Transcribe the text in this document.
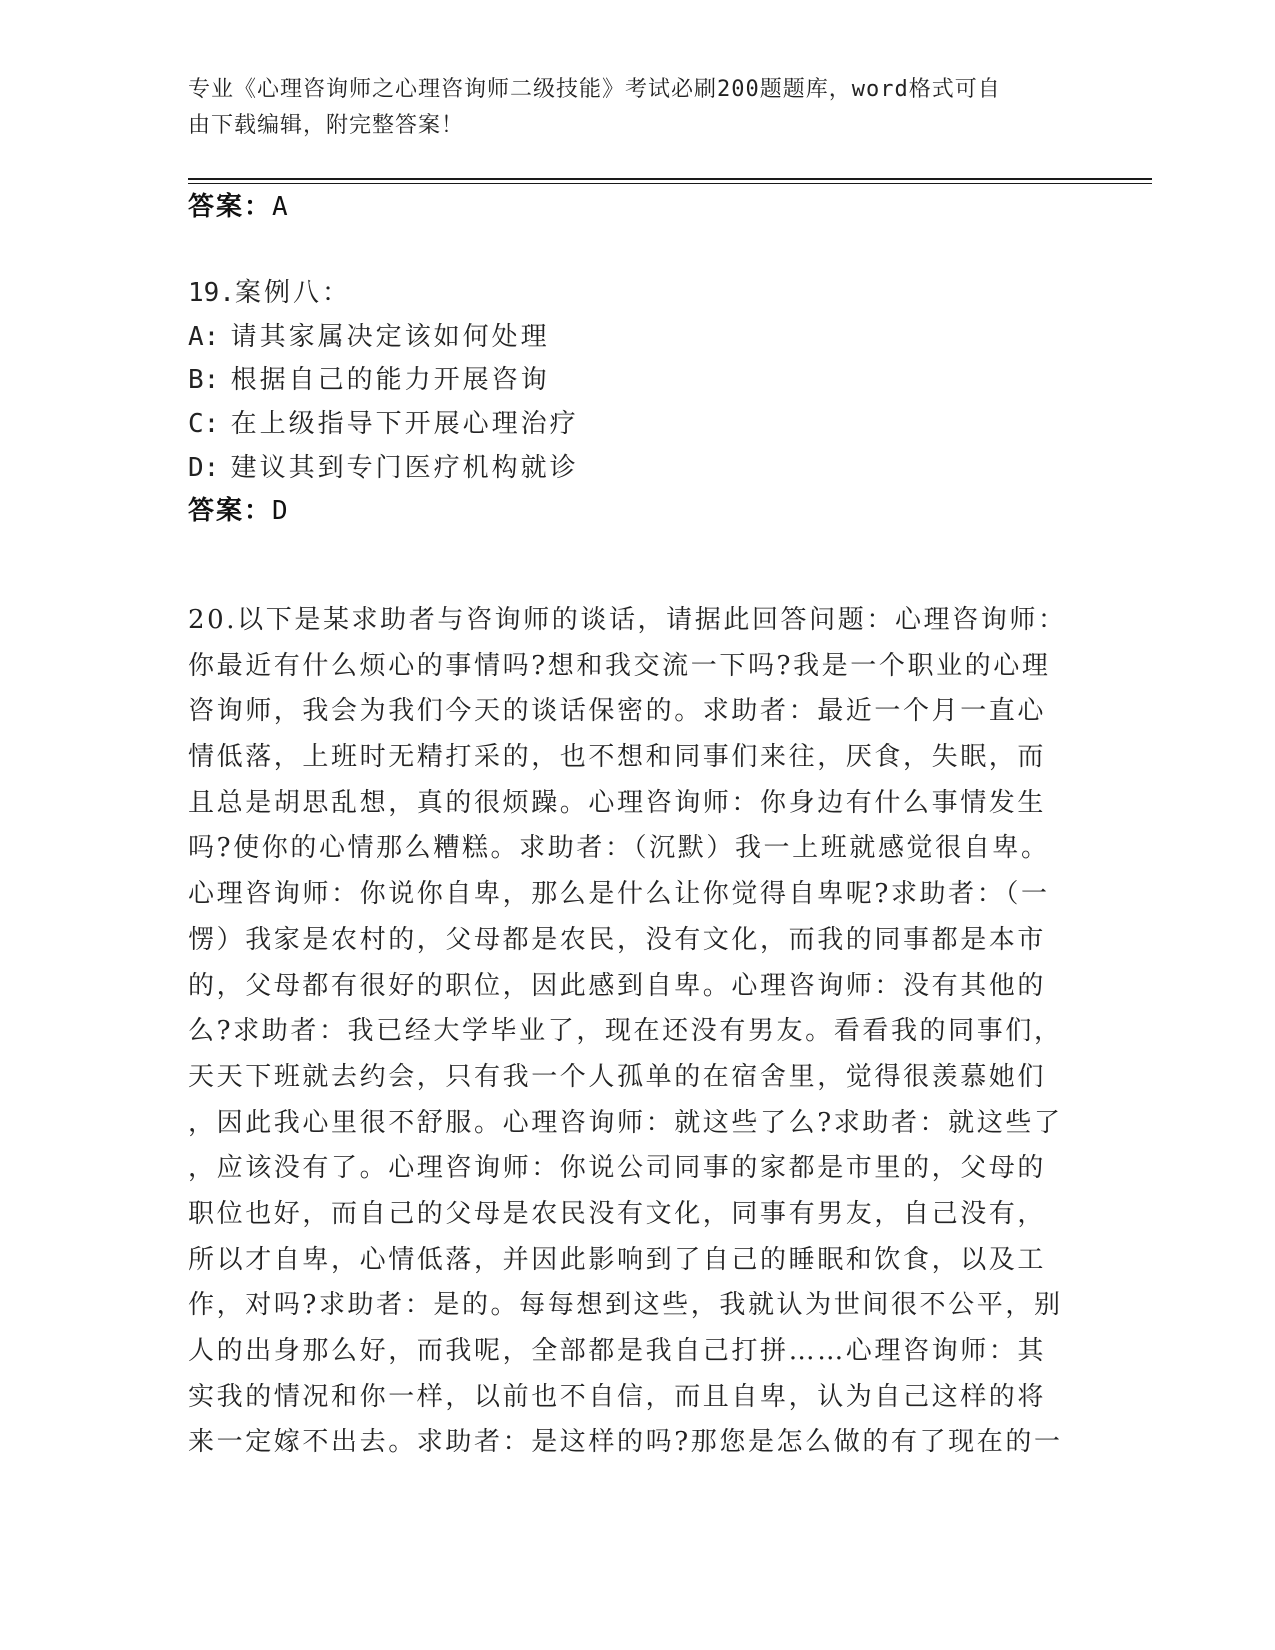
专业《心理咨询师之心理咨询师二级技能》考试必刷200题题库，word格式可自
由下载编辑，附完整答案！
答案：A
19.案例八：
A: 请其家属决定该如何处理
B: 根据自己的能力开展咨询
C: 在上级指导下开展心理治疗
D: 建议其到专门医疗机构就诊
答案：D
20.以下是某求助者与咨询师的谈话，请据此回答问题：心理咨询师：
你最近有什么烦心的事情吗?想和我交流一下吗?我是一个职业的心理
咨询师，我会为我们今天的谈话保密的。求助者：最近一个月一直心
情低落，上班时无精打采的，也不想和同事们来往，厌食，失眠，而
且总是胡思乱想，真的很烦躁。心理咨询师：你身边有什么事情发生
吗?使你的心情那么糟糕。求助者：（沉默）我一上班就感觉很自卑。
心理咨询师：你说你自卑，那么是什么让你觉得自卑呢?求助者：（一
愣）我家是农村的，父母都是农民，没有文化，而我的同事都是本市
的，父母都有很好的职位，因此感到自卑。心理咨询师：没有其他的
么?求助者：我已经大学毕业了，现在还没有男友。看看我的同事们，
天天下班就去约会，只有我一个人孤单的在宿舍里，觉得很羡慕她们
，因此我心里很不舒服。心理咨询师：就这些了么?求助者：就这些了
，应该没有了。心理咨询师：你说公司同事的家都是市里的，父母的
职位也好，而自己的父母是农民没有文化，同事有男友，自己没有，
所以才自卑，心情低落，并因此影响到了自己的睡眠和饮食，以及工
作，对吗?求助者：是的。每每想到这些，我就认为世间很不公平，别
人的出身那么好，而我呢，全部都是我自己打拼……心理咨询师：其
实我的情况和你一样，以前也不自信，而且自卑，认为自己这样的将
来一定嫁不出去。求助者：是这样的吗?那您是怎么做的有了现在的一
